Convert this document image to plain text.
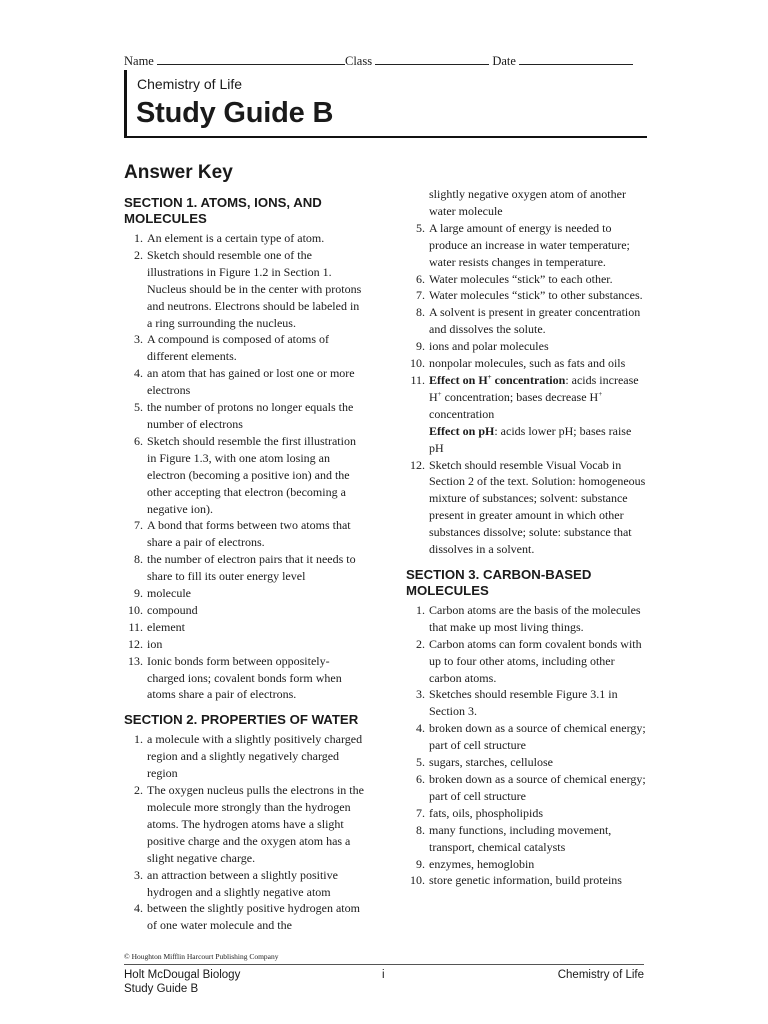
Name	Class	Date
Chemistry of Life
Study Guide B
Answer Key
SECTION 1. ATOMS, IONS, AND MOLECULES
1. An element is a certain type of atom.
2. Sketch should resemble one of the illustrations in Figure 1.2 in Section 1. Nucleus should be in the center with protons and neutrons. Electrons should be labeled in a ring surrounding the nucleus.
3. A compound is composed of atoms of different elements.
4. an atom that has gained or lost one or more electrons
5. the number of protons no longer equals the number of electrons
6. Sketch should resemble the first illustration in Figure 1.3, with one atom losing an electron (becoming a positive ion) and the other accepting that electron (becoming a negative ion).
7. A bond that forms between two atoms that share a pair of electrons.
8. the number of electron pairs that it needs to share to fill its outer energy level
9. molecule
10. compound
11. element
12. ion
13. Ionic bonds form between oppositely-charged ions; covalent bonds form when atoms share a pair of electrons.
SECTION 2. PROPERTIES OF WATER
1. a molecule with a slightly positively charged region and a slightly negatively charged region
2. The oxygen nucleus pulls the electrons in the molecule more strongly than the hydrogen atoms. The hydrogen atoms have a slight positive charge and the oxygen atom has a slight negative charge.
3. an attraction between a slightly positive hydrogen and a slightly negative atom
4. between the slightly positive hydrogen atom of one water molecule and the
slightly negative oxygen atom of another water molecule
5. A large amount of energy is needed to produce an increase in water temperature; water resists changes in temperature.
6. Water molecules “stick” to each other.
7. Water molecules “stick” to other substances.
8. A solvent is present in greater concentration and dissolves the solute.
9. ions and polar molecules
10. nonpolar molecules, such as fats and oils
11. Effect on H+ concentration: acids increase H+ concentration; bases decrease H+ concentration
Effect on pH: acids lower pH; bases raise pH
12. Sketch should resemble Visual Vocab in Section 2 of the text. Solution: homogeneous mixture of substances; solvent: substance present in greater amount in which other substances dissolve; solute: substance that dissolves in a solvent.
SECTION 3. CARBON-BASED MOLECULES
1. Carbon atoms are the basis of the molecules that make up most living things.
2. Carbon atoms can form covalent bonds with up to four other atoms, including other carbon atoms.
3. Sketches should resemble Figure 3.1 in Section 3.
4. broken down as a source of chemical energy; part of cell structure
5. sugars, starches, cellulose
6. broken down as a source of chemical energy; part of cell structure
7. fats, oils, phospholipids
8. many functions, including movement, transport, chemical catalysts
9. enzymes, hemoglobin
10. store genetic information, build proteins
© Houghton Mifflin Harcourt Publishing Company
Holt McDougal Biology
Study Guide B
i	Chemistry of Life
